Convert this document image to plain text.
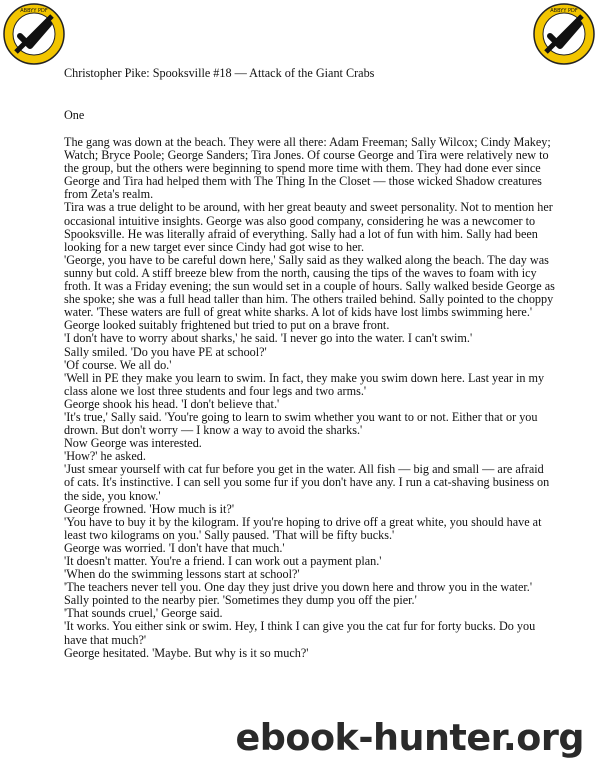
ABBYY PDF	ABBYY PDF
Christopher Pike: Spooksville #18 — Attack of the Giant Crabs
One

The gang was down at the beach. They were all there: Adam Freeman; Sally Wilcox; Cindy Makey; Watch; Bryce Poole; George Sanders; Tira Jones. Of course George and Tira were relatively new to the group, but the others were beginning to spend more time with them. They had done ever since George and Tira had helped them with The Thing In the Closet — those wicked Shadow creatures from Zeta's realm.

Tira was a true delight to be around, with her great beauty and sweet personality. Not to mention her occasional intuitive insights. George was also good company, considering he was a newcomer to Spooksville. He was literally afraid of everything. Sally had a lot of fun with him. Sally had been looking for a new target ever since Cindy had got wise to her.

'George, you have to be careful down here,' Sally said as they walked along the beach. The day was sunny but cold. A stiff breeze blew from the north, causing the tips of the waves to foam with icy froth. It was a Friday evening; the sun would set in a couple of hours. Sally walked beside George as she spoke; she was a full head taller than him. The others trailed behind. Sally pointed to the choppy water. 'These waters are full of great white sharks. A lot of kids have lost limbs swimming here.'

George looked suitably frightened but tried to put on a brave front.

'I don't have to worry about sharks,' he said. 'I never go into the water. I can't swim.'

Sally smiled. 'Do you have PE at school?'

'Of course. We all do.'

'Well in PE they make you learn to swim. In fact, they make you swim down here. Last year in my class alone we lost three students and four legs and two arms.'

George shook his head. 'I don't believe that.'

'It's true,' Sally said. 'You're going to learn to swim whether you want to or not. Either that or you drown. But don't worry — I know a way to avoid the sharks.'

Now George was interested.

'How?' he asked.

'Just smear yourself with cat fur before you get in the water. All fish — big and small — are afraid of cats. It's instinctive. I can sell you some fur if you don't have any. I run a cat-shaving business on the side, you know.'

George frowned. 'How much is it?'

'You have to buy it by the kilogram. If you're hoping to drive off a great white, you should have at least two kilograms on you.' Sally paused. 'That will be fifty bucks.'

George was worried. 'I don't have that much.'

'It doesn't matter. You're a friend. I can work out a payment plan.'

'When do the swimming lessons start at school?'

'The teachers never tell you. One day they just drive you down here and throw you in the water.' Sally pointed to the nearby pier. 'Sometimes they dump you off the pier.'

'That sounds cruel,' George said.

'It works. You either sink or swim. Hey, I think I can give you the cat fur for forty bucks. Do you have that much?'

George hesitated. 'Maybe. But why is it so much?'

ebook-hunter.org
